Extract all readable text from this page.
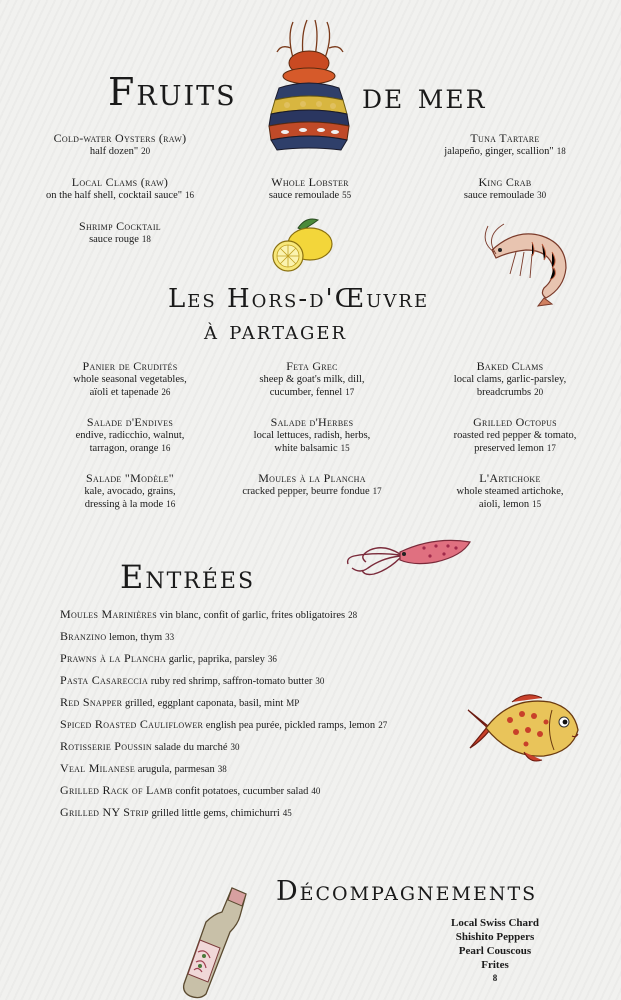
Fruits	de mer
Cold-water Oysters (raw)
half dozen" 20
Tuna Tartare
jalapeño, ginger, scallion" 18
Local Clams (raw)
on the half shell, cocktail sauce" 16
Whole Lobster
sauce remoulade 55
King Crab
sauce remoulade 30
Shrimp Cocktail
sauce rouge 18
Les Hors-d'Œuvre
à partager
Panier de Crudités
whole seasonal vegetables,
aïoli et tapenade 26
Feta Grec
sheep & goat's milk, dill,
cucumber, fennel 17
Baked Clams
local clams, garlic-parsley,
breadcrumbs 20
Salade d'Endives
endive, radicchio, walnut,
tarragon, orange 16
Salade d'Herbes
local lettuces, radish, herbs,
white balsamic 15
Grilled Octopus
roasted red pepper & tomato,
preserved lemon 17
Salade "Modèle"
kale, avocado, grains,
dressing à la mode 16
Moules à la Plancha
cracked pepper, beurre fondue 17
L'Artichoke
whole steamed artichoke,
aioli, lemon 15
Entrées
Moules Marinières vin blanc, confit of garlic, frites obligatoires 28
Branzino lemon, thym 33
Prawns à la Plancha garlic, paprika, parsley 36
Pasta Casareccia ruby red shrimp, saffron-tomato butter 30
Red Snapper grilled, eggplant caponata, basil, mint MP
Spiced Roasted Cauliflower english pea purée, pickled ramps, lemon 27
Rotisserie Poussin salade du marché 30
Veal Milanese arugula, parmesan 38
Grilled Rack of Lamb confit potatoes, cucumber salad 40
Grilled NY Strip grilled little gems, chimichurri 45
Décompagnements
Local Swiss Chard
Shishito Peppers
Pearl Couscous
Frites
8
